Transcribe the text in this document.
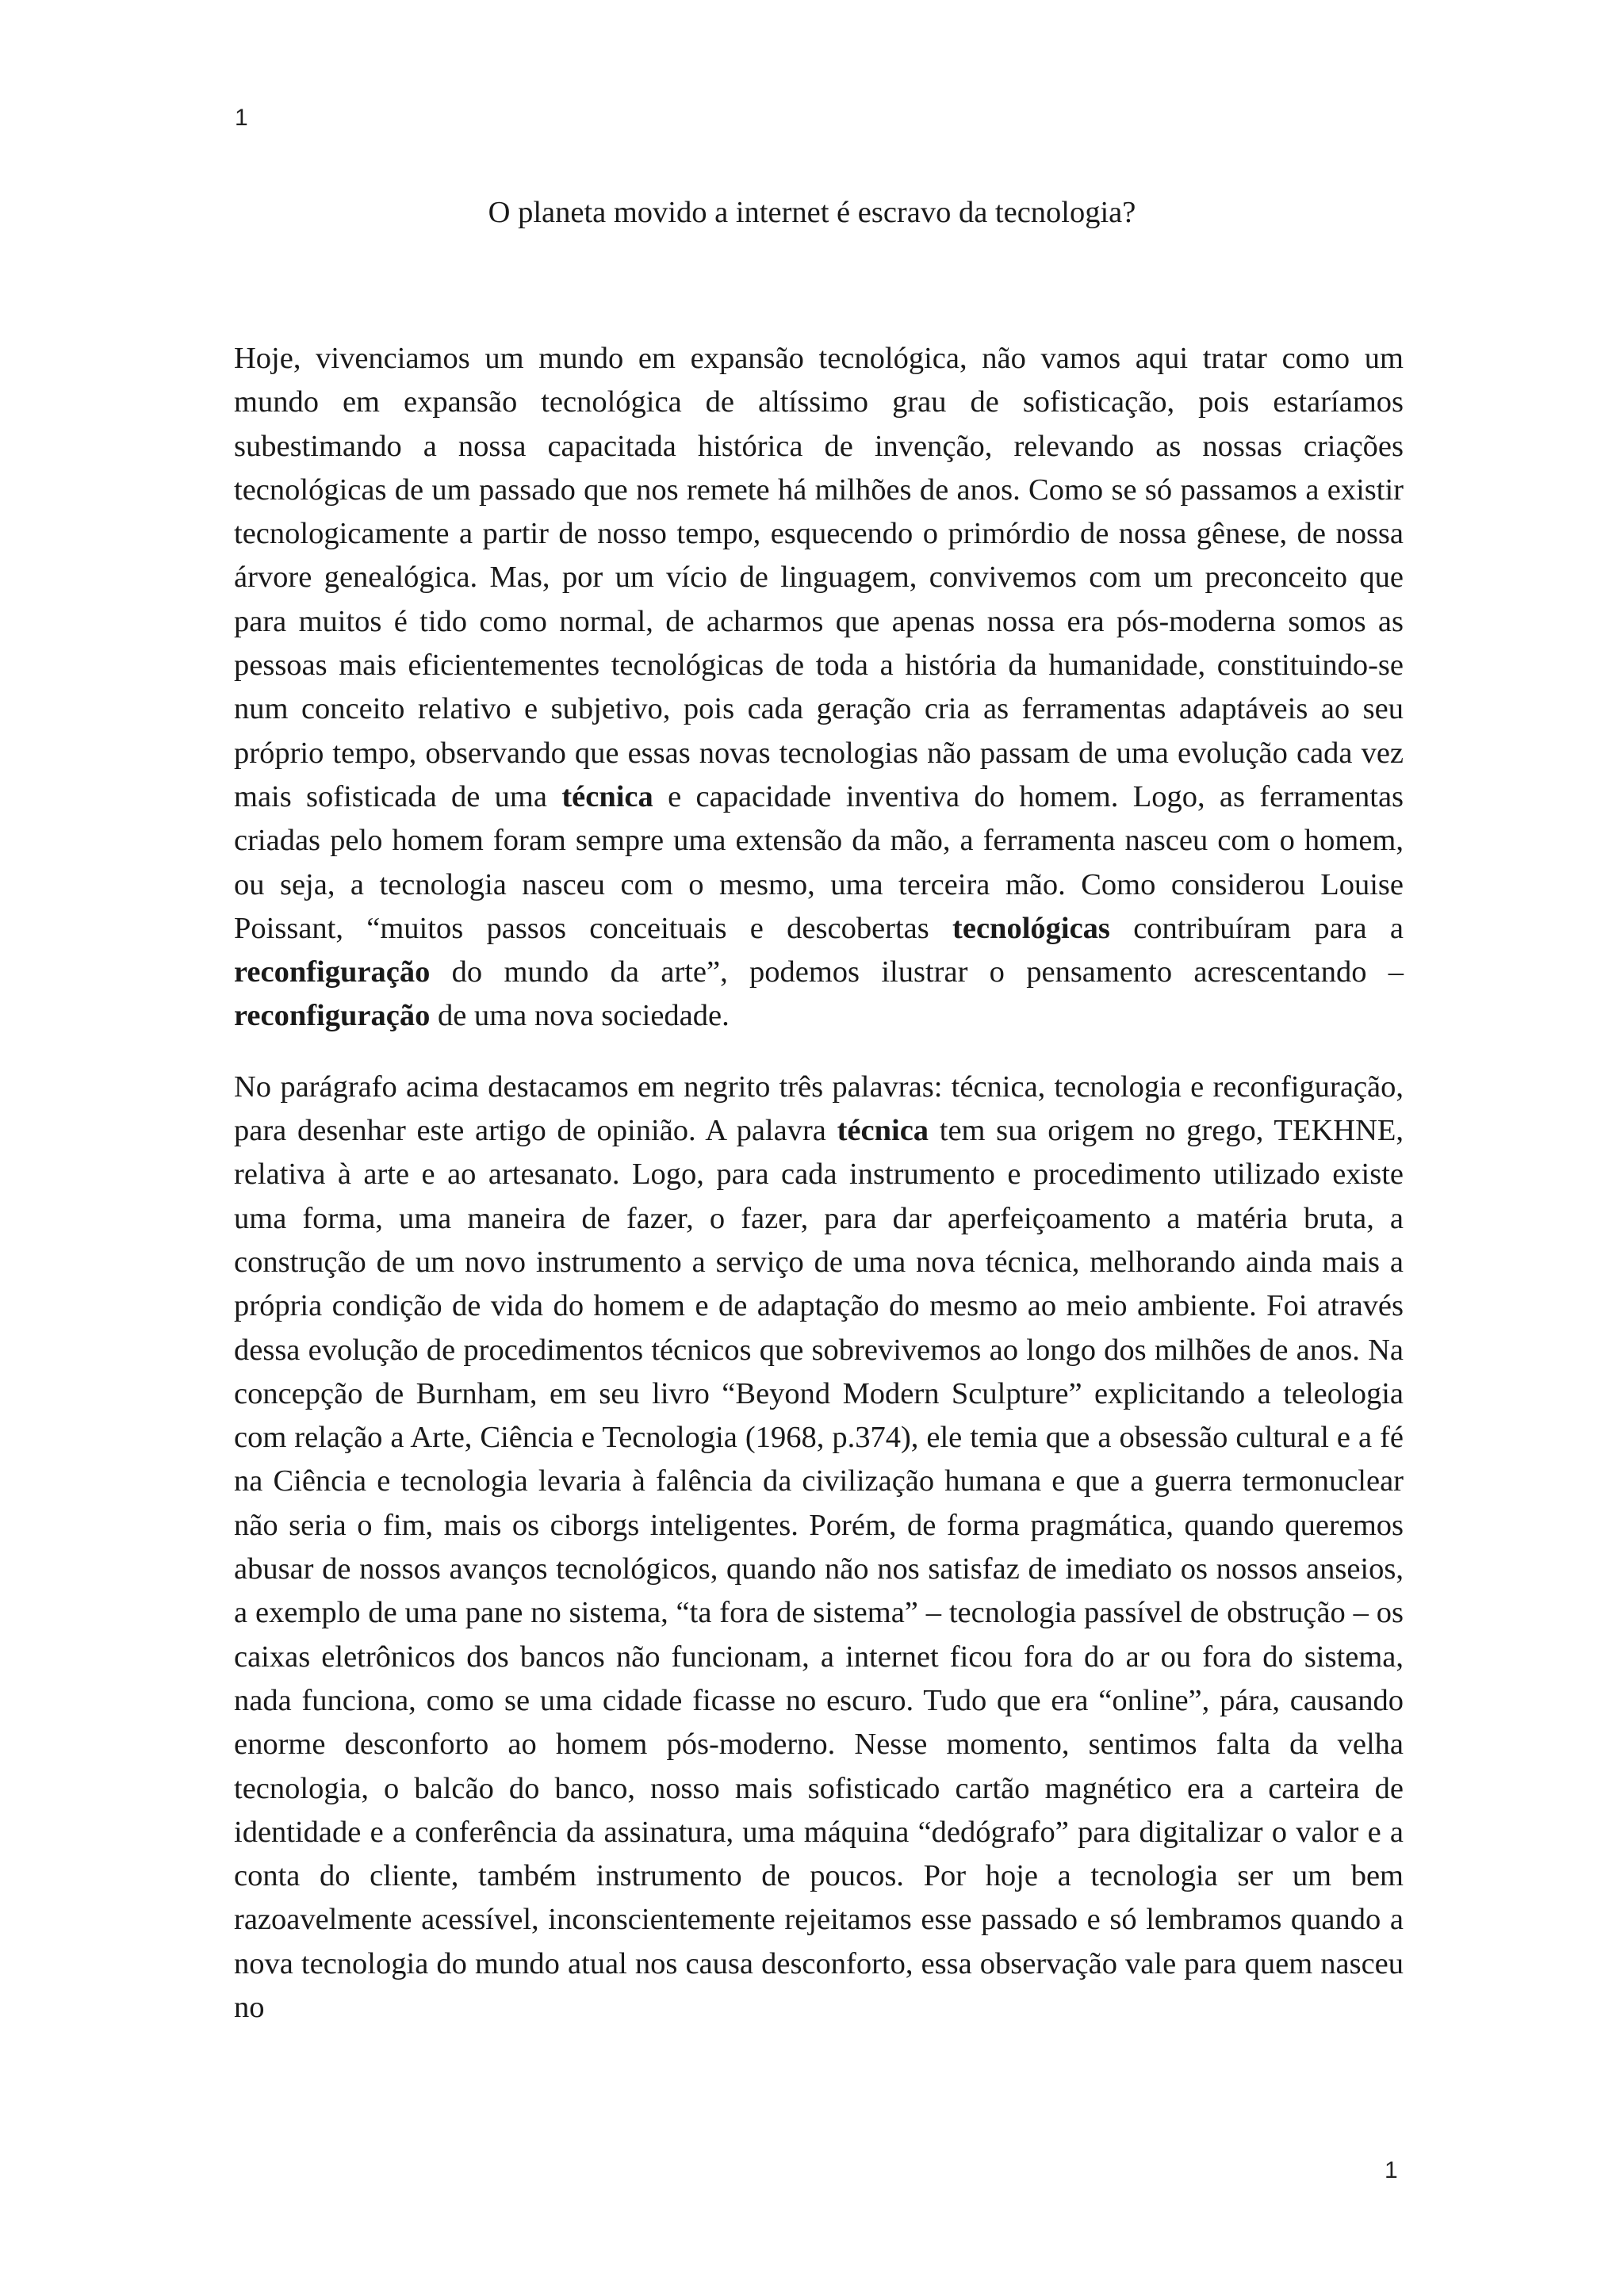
1
O planeta movido a internet é escravo da tecnologia?

Hoje, vivenciamos um mundo em expansão tecnológica, não vamos aqui tratar como um mundo em expansão tecnológica de altíssimo grau de sofisticação, pois estaríamos subestimando a nossa capacitada histórica de invenção, relevando as nossas criações tecnológicas de um passado que nos remete há milhões de anos. Como se só passamos a existir tecnologicamente a partir de nosso tempo, esquecendo o primórdio de nossa gênese, de nossa árvore genealógica. Mas, por um vício de linguagem, convivemos com um preconceito que para muitos é tido como normal, de acharmos que apenas nossa era pós-moderna somos as pessoas mais eficientementes tecnológicas de toda a história da humanidade, constituindo-se num conceito relativo e subjetivo, pois cada geração cria as ferramentas adaptáveis ao seu próprio tempo, observando que essas novas tecnologias não passam de uma evolução cada vez mais sofisticada de uma técnica e capacidade inventiva do homem. Logo, as ferramentas criadas pelo homem foram sempre uma extensão da mão, a ferramenta nasceu com o homem, ou seja, a tecnologia nasceu com o mesmo, uma terceira mão. Como considerou Louise Poissant, “muitos passos conceituais e descobertas tecnológicas contribuíram para a reconfiguração do mundo da arte”, podemos ilustrar o pensamento acrescentando – reconfiguração de uma nova sociedade.

No parágrafo acima destacamos em negrito três palavras: técnica, tecnologia e reconfiguração, para desenhar este artigo de opinião. A palavra técnica tem sua origem no grego, TEKHNE, relativa à arte e ao artesanato. Logo, para cada instrumento e procedimento utilizado existe uma forma, uma maneira de fazer, o fazer, para dar aperfeiçoamento a matéria bruta, a construção de um novo instrumento a serviço de uma nova técnica, melhorando ainda mais a própria condição de vida do homem e de adaptação do mesmo ao meio ambiente. Foi através dessa evolução de procedimentos técnicos que sobrevivemos ao longo dos milhões de anos. Na concepção de Burnham, em seu livro “Beyond Modern Sculpture” explicitando a teleologia com relação a Arte, Ciência e Tecnologia (1968, p.374), ele temia que a obsessão cultural e a fé na Ciência e tecnologia levaria à falência da civilização humana e que a guerra termonuclear não seria o fim, mais os ciborgs inteligentes. Porém, de forma pragmática, quando queremos abusar de nossos avanços tecnológicos, quando não nos satisfaz de imediato os nossos anseios, a exemplo de uma pane no sistema, “ta fora de sistema” – tecnologia passível de obstrução – os caixas eletrônicos dos bancos não funcionam, a internet ficou fora do ar ou fora do sistema, nada funciona, como se uma cidade ficasse no escuro. Tudo que era “online”, pára, causando enorme desconforto ao homem pós-moderno. Nesse momento, sentimos falta da velha tecnologia, o balcão do banco, nosso mais sofisticado cartão magnético era a carteira de identidade e a conferência da assinatura, uma máquina “dedógrafo” para digitalizar o valor e a conta do cliente, também instrumento de poucos. Por hoje a tecnologia ser um bem razoavelmente acessível, inconscientemente rejeitamos esse passado e só lembramos quando a nova tecnologia do mundo atual nos causa desconforto, essa observação vale para quem nasceu no

1
